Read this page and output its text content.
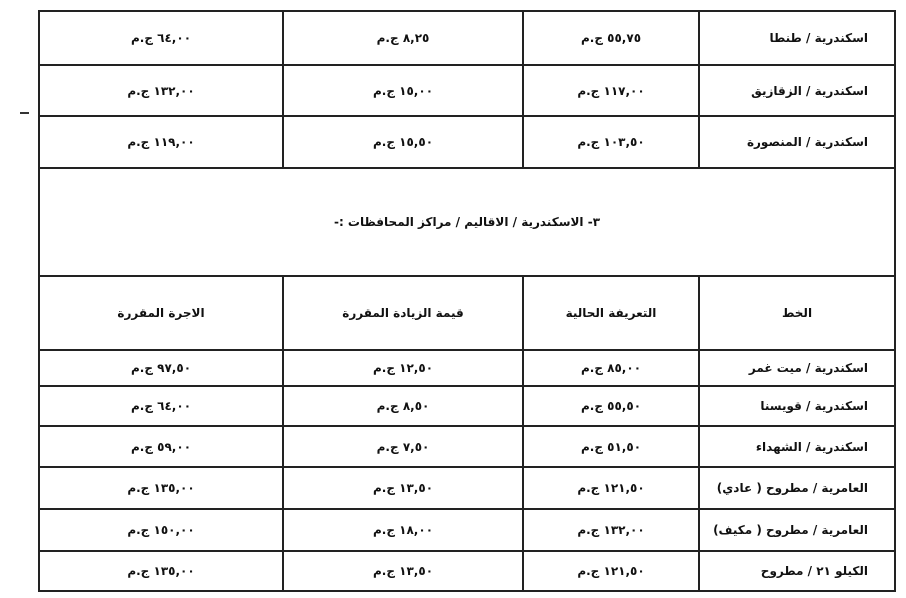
اسكندرية / طنطا	٥٥,٧٥ ج.م	٨,٢٥ ج.م	٦٤,٠٠ ج.م
اسكندرية / الزقازيق	١١٧,٠٠ ج.م	١٥,٠٠ ج.م	١٣٢,٠٠ ج.م
اسكندرية / المنصورة	١٠٣,٥٠ ج.م	١٥,٥٠ ج.م	١١٩,٠٠ ج.م
٣- الاسكندرية / الاقاليم / مراكز المحافظات :-			
الخط	التعريفة الحالية	قيمة الزيادة المقررة	الاجرة المقررة
اسكندرية / ميت غمر	٨٥,٠٠ ج.م	١٢,٥٠ ج.م	٩٧,٥٠ ج.م
اسكندرية / قويسنا	٥٥,٥٠ ج.م	٨,٥٠ ج.م	٦٤,٠٠ ج.م
اسكندرية / الشهداء	٥١,٥٠ ج.م	٧,٥٠ ج.م	٥٩,٠٠ ج.م
العامرية / مطروح ( عادي)	١٢١,٥٠ ج.م	١٣,٥٠ ج.م	١٣٥,٠٠ ج.م
العامرية / مطروح ( مكيف)	١٣٢,٠٠ ج.م	١٨,٠٠ ج.م	١٥٠,٠٠ ج.م
الكيلو ٢١ / مطروح	١٢١,٥٠ ج.م	١٣,٥٠ ج.م	١٣٥,٠٠ ج.م
